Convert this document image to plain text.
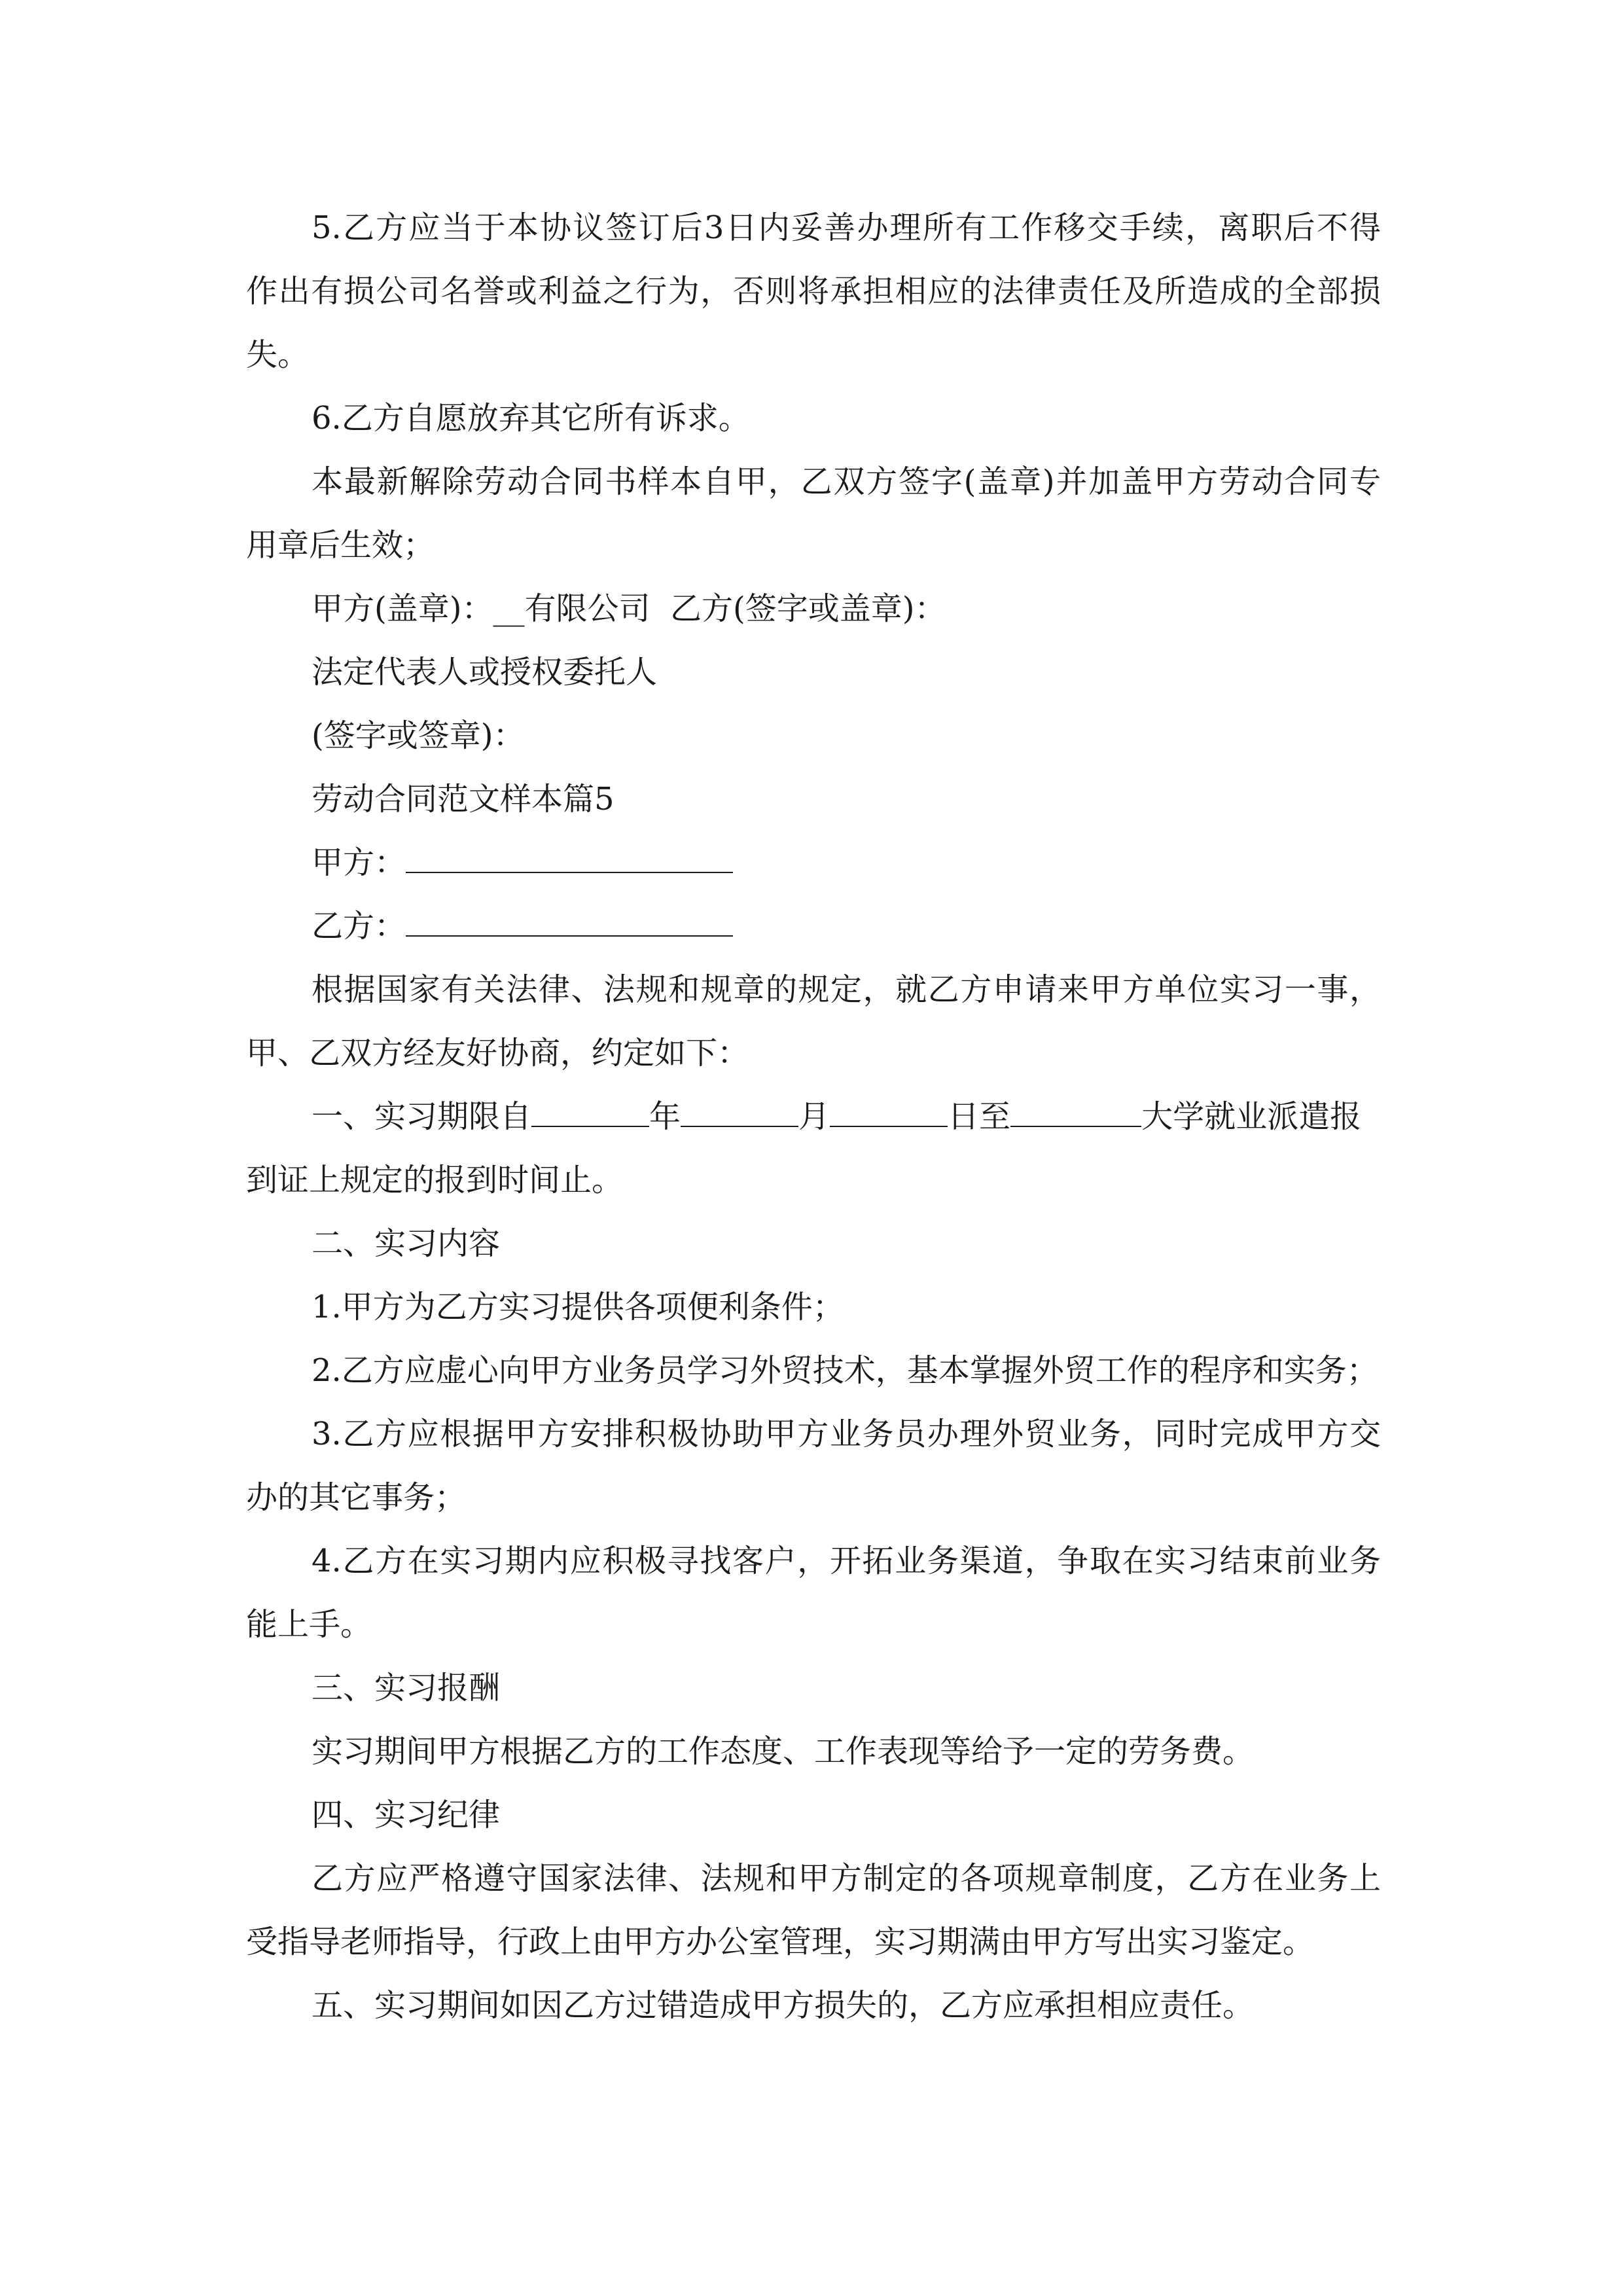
5.乙方应当于本协议签订后3日内妥善办理所有工作移交手续，离职后不得
作出有损公司名誉或利益之行为，否则将承担相应的法律责任及所造成的全部损
失。
6.乙方自愿放弃其它所有诉求。
本最新解除劳动合同书样本自甲，乙双方签字(盖章)并加盖甲方劳动合同专
用章后生效；
甲方(盖章)：__有限公司  乙方(签字或盖章)：
法定代表人或授权委托人
(签字或签章)：
劳动合同范文样本篇5
甲方：
乙方：
根据国家有关法律、法规和规章的规定，就乙方申请来甲方单位实习一事，
甲、乙双方经友好协商，约定如下：
一、实习期限自	年	月	日至	大学就业派遣报
到证上规定的报到时间止。
二、实习内容
1.甲方为乙方实习提供各项便利条件；
2.乙方应虚心向甲方业务员学习外贸技术，基本掌握外贸工作的程序和实务；
3.乙方应根据甲方安排积极协助甲方业务员办理外贸业务，同时完成甲方交
办的其它事务；
4.乙方在实习期内应积极寻找客户，开拓业务渠道，争取在实习结束前业务
能上手。
三、实习报酬
实习期间甲方根据乙方的工作态度、工作表现等给予一定的劳务费。
四、实习纪律
乙方应严格遵守国家法律、法规和甲方制定的各项规章制度，乙方在业务上
受指导老师指导，行政上由甲方办公室管理，实习期满由甲方写出实习鉴定。
五、实习期间如因乙方过错造成甲方损失的，乙方应承担相应责任。
